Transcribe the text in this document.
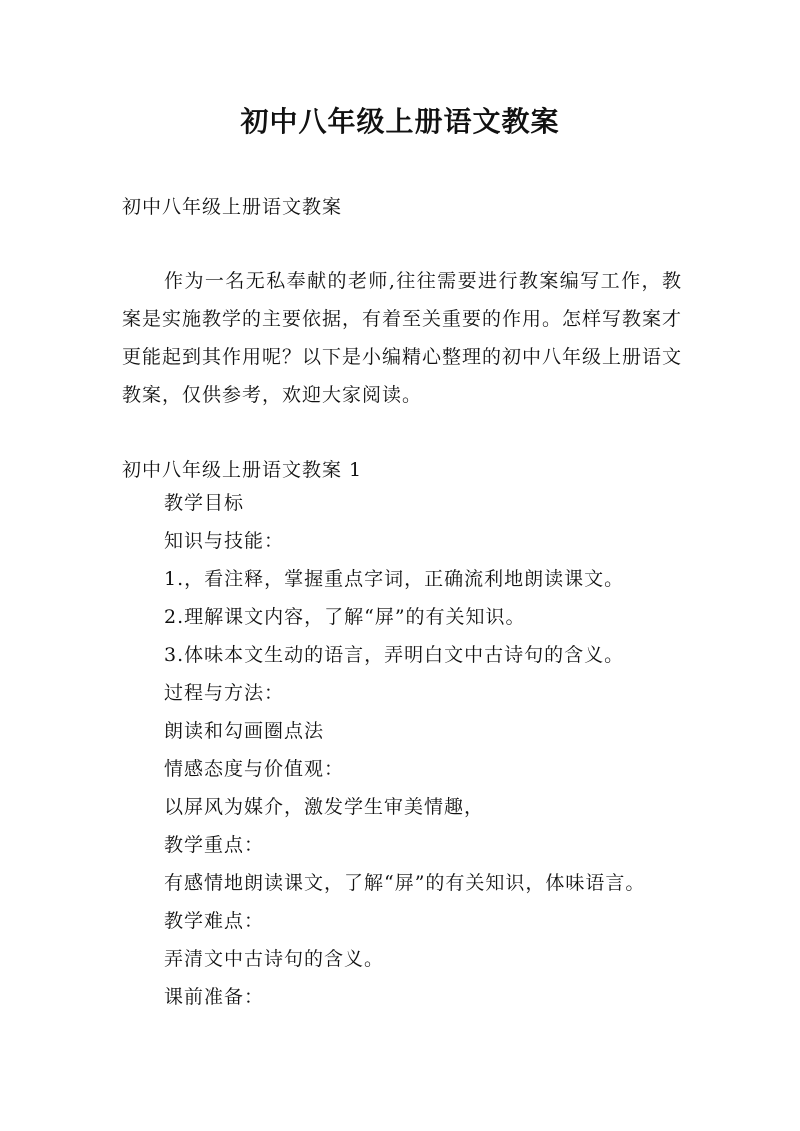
初中八年级上册语文教案
初中八年级上册语文教案
作为一名无私奉献的老师,往往需要进行教案编写工作，教案是实施教学的主要依据，有着至关重要的作用。怎样写教案才更能起到其作用呢？以下是小编精心整理的初中八年级上册语文教案，仅供参考，欢迎大家阅读。
初中八年级上册语文教案 1
教学目标
知识与技能：
1.，看注释，掌握重点字词，正确流利地朗读课文。
2.理解课文内容，了解“屏”的有关知识。
3.体味本文生动的语言，弄明白文中古诗句的含义。
过程与方法：
朗读和勾画圈点法
情感态度与价值观：
以屏风为媒介，激发学生审美情趣，
教学重点：
有感情地朗读课文，了解“屏”的有关知识，体味语言。
教学难点：
弄清文中古诗句的含义。
课前准备：
